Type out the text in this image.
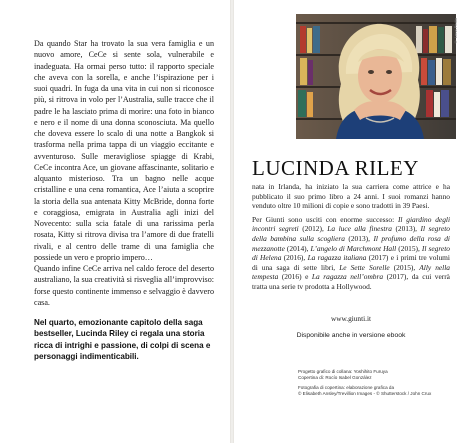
Da quando Star ha trovato la sua vera famiglia e un nuovo amore, CeCe si sente sola, vulnerabile e inadeguata. Ha ormai perso tutto: il rapporto speciale che aveva con la sorella, e anche l’ispirazione per i suoi quadri. In fuga da una vita in cui non si riconosce più, si ritrova in volo per l’Australia, sulle tracce che il padre le ha lasciato prima di morire: una foto in bianco e nero e il nome di una donna sconosciuta. Ma quello che doveva essere lo scalo di una notte a Bangkok si trasforma nella prima tappa di un viaggio eccitante e avventuroso. Sulle meravigliose spiagge di Krabi, CeCe incontra Ace, un giovane affascinante, solitario e alquanto misterioso. Tra un bagno nelle acque cristalline e una cena romantica, Ace l’aiuta a scoprire la storia della sua antenata Kitty McBride, donna forte e coraggiosa, emigrata in Australia agli inizi del Novecento: sulla scia fatale di una rarissima perla rosata, Kitty si ritrova divisa tra l’amore di due fratelli rivali, e al centro delle trame di una famiglia che possiede un vero e proprio impero…

Quando infine CeCe arriva nel caldo feroce del deserto australiano, la sua creatività si risveglia all’improvviso: forse questo continente immenso e selvaggio è davvero casa.

Nel quarto, emozionante capitolo della saga bestseller, Lucinda Riley ci regala una storia ricca di intrighi e passione, di colpi di scena e personaggi indimenticabili.
© Lena Pettia
LUCINDA RILEY

nata in Irlanda, ha iniziato la sua carriera come attrice e ha pubblicato il suo primo libro a 24 anni. I suoi romanzi hanno venduto oltre 10 milioni di copie e sono tradotti in 39 Paesi.

Per Giunti sono usciti con enorme successo: Il giardino degli incontri segreti (2012), La luce alla finestra (2013), Il segreto della bambina sulla scogliera (2013), Il profumo della rosa di mezzanotte (2014), L’angelo di Marchmont Hall (2015), Il segreto di Helena (2016), La ragazza italiana (2017) e i primi tre volumi di una saga di sette libri, Le Sette Sorelle (2015), Ally nella tempesta (2016) e La ragazza nell’ombra (2017), da cui verrà tratta una serie tv prodotta a Hollywood.

www.giunti.it
Disponibile anche in versione ebook
Progetto grafico di collana: Yoshihito Furuya
Copertina di: Rocío Isabel González
Fotografia di copertina: elaborazione grafica da
© Elisabeth Ansley/Trevillion Images - © Shutterstock / John Crux
